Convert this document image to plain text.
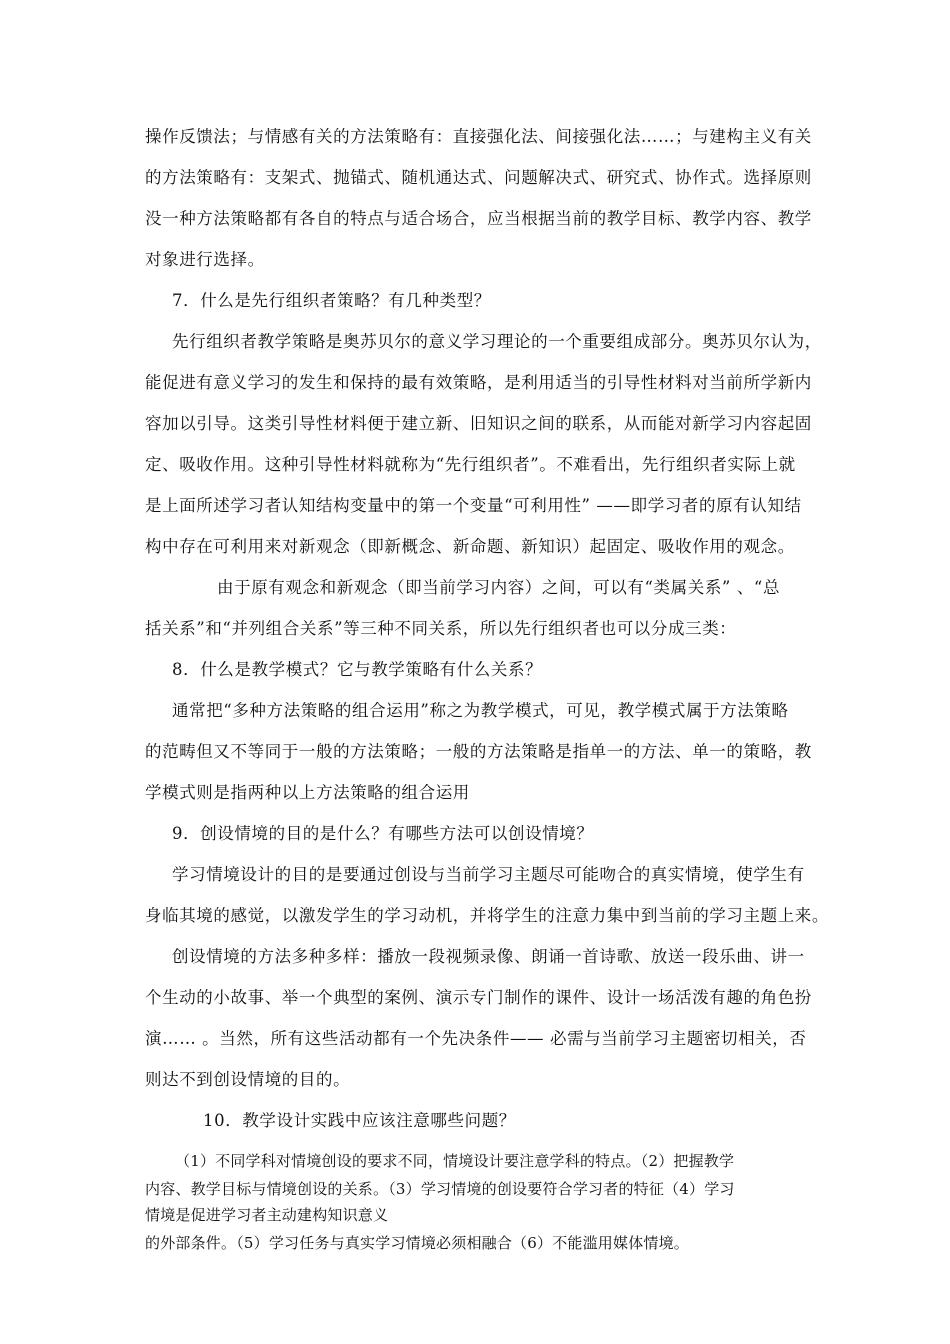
操作反馈法；与情感有关的方法策略有：直接强化法、间接强化法……；与建构主义有关
的方法策略有：支架式、抛锚式、随机通达式、问题解决式、研究式、协作式。选择原则
没一种方法策略都有各自的特点与适合场合，应当根据当前的教学目标、教学内容、教学
对象进行选择。
7．什么是先行组织者策略？有几种类型？
先行组织者教学策略是奥苏贝尔的意义学习理论的一个重要组成部分。奥苏贝尔认为，
能促进有意义学习的发生和保持的最有效策略，是利用适当的引导性材料对当前所学新内
容加以引导。这类引导性材料便于建立新、旧知识之间的联系，从而能对新学习内容起固
定、吸收作用。这种引导性材料就称为“先行组织者”。不难看出，先行组织者实际上就
是上面所述学习者认知结构变量中的第一个变量“可利用性” ——即学习者的原有认知结
构中存在可利用来对新观念（即新概念、新命题、新知识）起固定、吸收作用的观念。
由于原有观念和新观念（即当前学习内容）之间，可以有“类属关系” 、“总
括关系”和“并列组合关系”等三种不同关系，所以先行组织者也可以分成三类：
8．什么是教学模式？它与教学策略有什么关系？
通常把“多种方法策略的组合运用”称之为教学模式，可见，教学模式属于方法策略
的范畴但又不等同于一般的方法策略；一般的方法策略是指单一的方法、单一的策略，教
学模式则是指两种以上方法策略的组合运用
9．创设情境的目的是什么？有哪些方法可以创设情境？
学习情境设计的目的是要通过创设与当前学习主题尽可能吻合的真实情境，使学生有
身临其境的感觉，以激发学生的学习动机，并将学生的注意力集中到当前的学习主题上来。
创设情境的方法多种多样：播放一段视频录像、朗诵一首诗歌、放送一段乐曲、讲一
个生动的小故事、举一个典型的案例、演示专门制作的课件、设计一场活泼有趣的角色扮
演…… 。当然，所有这些活动都有一个先决条件—— 必需与当前学习主题密切相关，否
则达不到创设情境的目的。
10．教学设计实践中应该注意哪些问题？
（1）不同学科对情境创设的要求不同，情境设计要注意学科的特点。（2）把握教学
内容、教学目标与情境创设的关系。（3）学习情境的创设要符合学习者的特征（4）学习
情境是促进学习者主动建构知识意义
的外部条件。（5）学习任务与真实学习情境必须相融合（6）不能滥用媒体情境。
